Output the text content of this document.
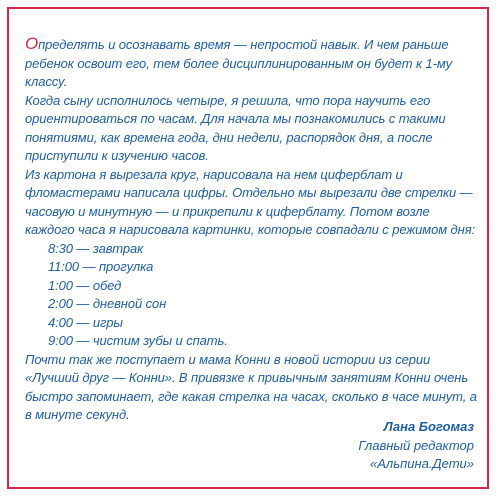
Определять и осознавать время — непростой навык. И чем раньше ребенок освоит его, тем более дисциплинированным он будет к 1-му классу.

Когда сыну исполнилось четыре, я решила, что пора научить его ориентироваться по часам. Для начала мы познакомились с такими понятиями, как времена года, дни недели, распорядок дня, а после приступили к изучению часов.

Из картона я вырезала круг, нарисовала на нем циферблат и фломастерами написала цифры. Отдельно мы вырезали две стрелки — часовую и минутную — и прикрепили к циферблату. Потом возле каждого часа я нарисовала картинки, которые совпадали с режимом дня:

8:30 — завтрак
11:00 — прогулка
1:00 — обед
2:00 — дневной сон
4:00 — игры
9:00 — чистим зубы и спать.

Почти так же поступает и мама Конни в новой истории из серии «Лучший друг — Конни». В привязке к привычным занятиям Конни очень быстро запоминает, где какая стрелка на часах, сколько в часе минут, а в минуте секунд.

Лана Богомаз
Главный редактор
«Альпина.Дети»
